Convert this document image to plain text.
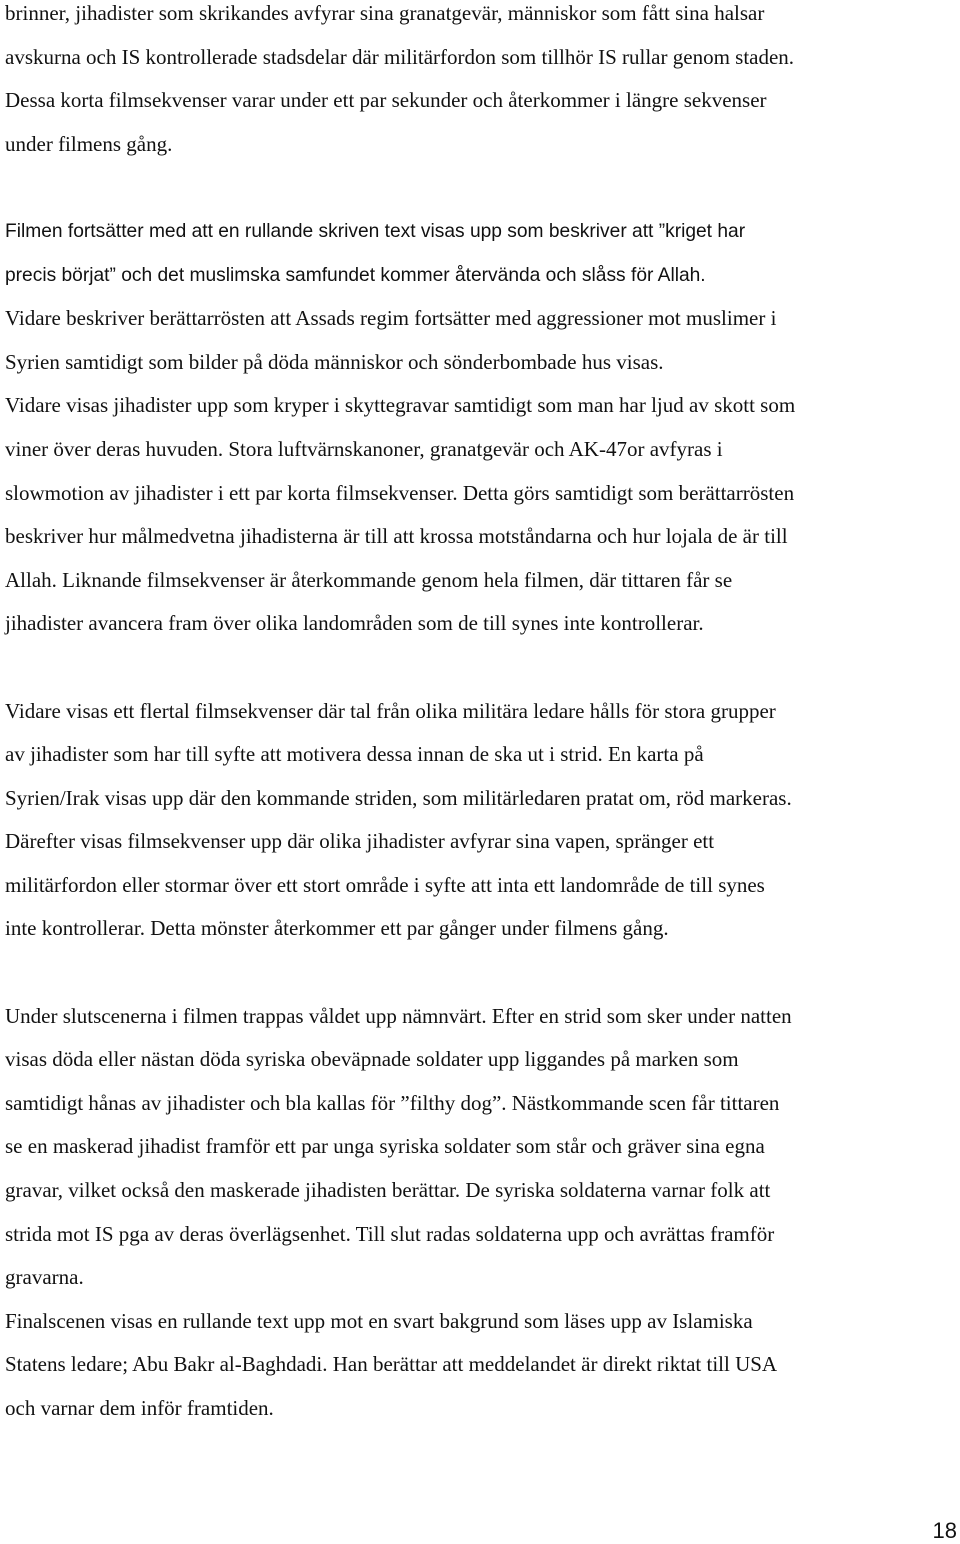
brinner, jihadister som skrikandes avfyrar sina granatgevär, människor som fått sina halsar
avskurna och IS kontrollerade stadsdelar där militärfordon som tillhör IS rullar genom staden.
Dessa korta filmsekvenser varar under ett par sekunder och återkommer i längre sekvenser
under filmens gång.

Filmen fortsätter med att en rullande skriven text visas upp som beskriver att ”kriget har
precis börjat” och det muslimska samfundet kommer återvända och slåss för Allah.
Vidare beskriver berättarrösten att Assads regim fortsätter med aggressioner mot muslimer i
Syrien samtidigt som bilder på döda människor och sönderbombade hus visas.
Vidare visas jihadister upp som kryper i skyttegravar samtidigt som man har ljud av skott som
viner över deras huvuden. Stora luftvärnskanoner, granatgevär och AK-47or avfyras i
slowmotion av jihadister i ett par korta filmsekvenser. Detta görs samtidigt som berättarrösten
beskriver hur målmedvetna jihadisterna är till att krossa motståndarna och hur lojala de är till
Allah. Liknande filmsekvenser är återkommande genom hela filmen, där tittaren får se
jihadister avancera fram över olika landområden som de till synes inte kontrollerar.

Vidare visas ett flertal filmsekvenser där tal från olika militära ledare hålls för stora grupper
av jihadister som har till syfte att motivera dessa innan de ska ut i strid. En karta på
Syrien/Irak visas upp där den kommande striden, som militärledaren pratat om, röd markeras.
Därefter visas filmsekvenser upp där olika jihadister avfyrar sina vapen, spränger ett
militärfordon eller stormar över ett stort område i syfte att inta ett landområde de till synes
inte kontrollerar. Detta mönster återkommer ett par gånger under filmens gång.

Under slutscenerna i filmen trappas våldet upp nämnvärt. Efter en strid som sker under natten
visas döda eller nästan döda syriska obeväpnade soldater upp liggandes på marken som
samtidigt hånas av jihadister och bla kallas för ”filthy dog”. Nästkommande scen får tittaren
se en maskerad jihadist framför ett par unga syriska soldater som står och gräver sina egna
gravar, vilket också den maskerade jihadisten berättar. De syriska soldaterna varnar folk att
strida mot IS pga av deras överlägsenhet. Till slut radas soldaterna upp och avrättas framför
gravarna.
Finalscenen visas en rullande text upp mot en svart bakgrund som läses upp av Islamiska
Statens ledare; Abu Bakr al-Baghdadi. Han berättar att meddelandet är direkt riktat till USA
och varnar dem inför framtiden.

18
